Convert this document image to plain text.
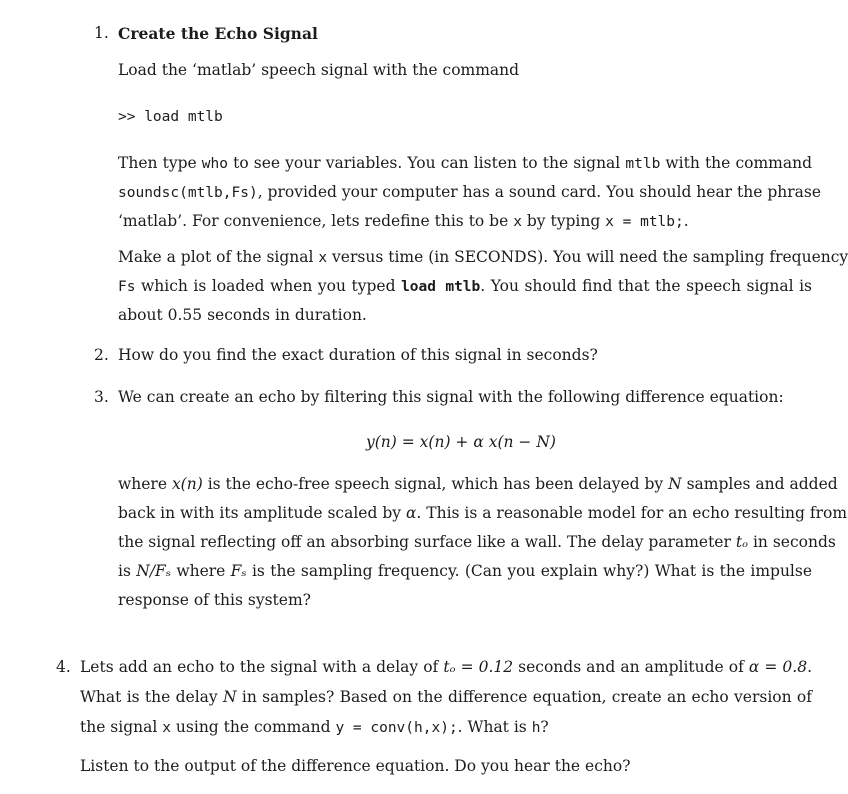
1. Create the Echo Signal
Load the ‘matlab’ speech signal with the command
>> load mtlb
Then type who to see your variables. You can listen to the signal mtlb with the command
soundsc(mtlb,Fs), provided your computer has a sound card. You should hear the phrase
‘matlab’. For convenience, lets redefine this to be x by typing x = mtlb;.
Make a plot of the signal x versus time (in SECONDS). You will need the sampling frequency
Fs which is loaded when you typed load mtlb. You should find that the speech signal is
about 0.55 seconds in duration.
2. How do you find the exact duration of this signal in seconds?
3. We can create an echo by filtering this signal with the following difference equation:
y(n) = x(n) + α x(n − N)
where x(n) is the echo-free speech signal, which has been delayed by N samples and added
back in with its amplitude scaled by α. This is a reasonable model for an echo resulting from
the signal reflecting off an absorbing surface like a wall. The delay parameter tₒ in seconds
is N/Fₛ where Fₛ is the sampling frequency. (Can you explain why?) What is the impulse
response of this system?
4. Lets add an echo to the signal with a delay of tₒ = 0.12 seconds and an amplitude of α = 0.8.
What is the delay N in samples? Based on the difference equation, create an echo version of
the signal x using the command y = conv(h,x);. What is h?
Listen to the output of the difference equation. Do you hear the echo?
